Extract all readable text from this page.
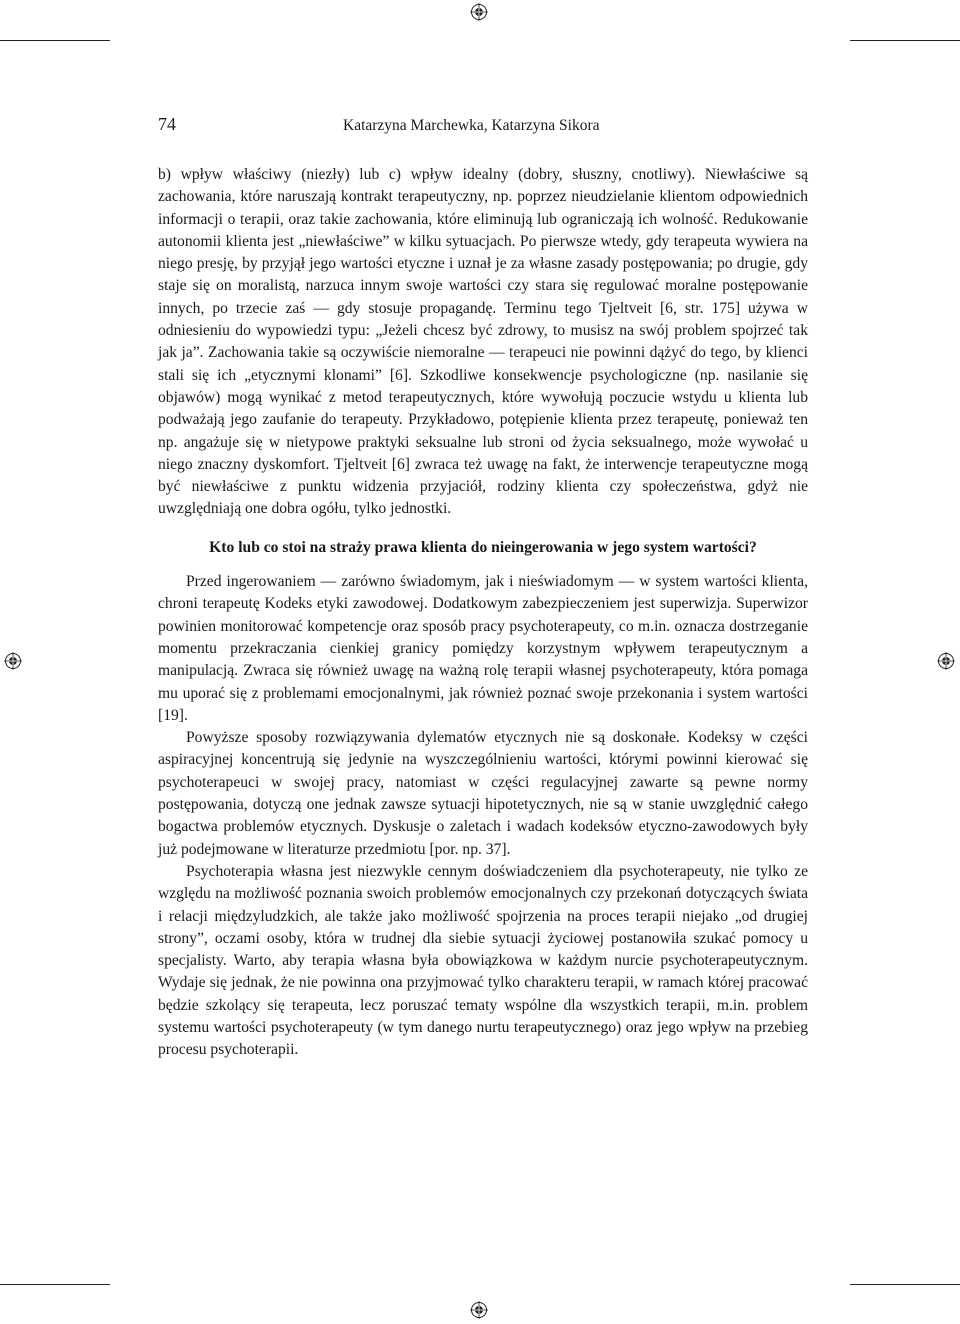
74	Katarzyna Marchewka, Katarzyna Sikora

b) wpływ właściwy (niezły) lub c) wpływ idealny (dobry, słuszny, cnotliwy). Niewłaściwe są zachowania, które naruszają kontrakt terapeutyczny, np. poprzez nieudzielanie klientom odpowiednich informacji o terapii, oraz takie zachowania, które eliminują lub ograniczają ich wolność. Redukowanie autonomii klienta jest „niewłaściwe” w kilku sytuacjach. Po pierwsze wtedy, gdy terapeuta wywiera na niego presję, by przyjął jego wartości etyczne i uznał je za własne zasady postępowania; po drugie, gdy staje się on moralistą, narzuca innym swoje wartości czy stara się regulować moralne postępowanie innych, po trzecie zaś — gdy stosuje propagandę. Terminu tego Tjeltveit [6, str. 175] używa w odniesieniu do wypowiedzi typu: „Jeżeli chcesz być zdrowy, to musisz na swój problem spojrzeć tak jak ja”. Zachowania takie są oczywiście niemoralne — terapeuci nie powinni dążyć do tego, by klienci stali się ich „etycznymi klonami” [6]. Szkodliwe konsekwencje psychologiczne (np. nasilanie się objawów) mogą wynikać z metod terapeutycznych, które wywołują poczucie wstydu u klienta lub podważają jego zaufanie do terapeuty. Przykładowo, potępienie klienta przez terapeutę, ponieważ ten np. angażuje się w nietypowe praktyki seksualne lub stroni od życia seksualnego, może wywołać u niego znaczny dyskomfort. Tjeltveit [6] zwraca też uwagę na fakt, że interwencje terapeutyczne mogą być niewłaściwe z punktu widzenia przyjaciół, rodziny klienta czy społeczeństwa, gdyż nie uwzględniają one dobra ogółu, tylko jednostki.

Kto lub co stoi na straży prawa klienta do nieingerowania w jego system wartości?

Przed ingerowaniem — zarówno świadomym, jak i nieświadomym — w system wartości klienta, chroni terapeutę Kodeks etyki zawodowej. Dodatkowym zabezpieczeniem jest superwizja. Superwizor powinien monitorować kompetencje oraz sposób pracy psychoterapeuty, co m.in. oznacza dostrzeganie momentu przekraczania cienkiej granicy pomiędzy korzystnym wpływem terapeutycznym a manipulacją. Zwraca się również uwagę na ważną rolę terapii własnej psychoterapeuty, która pomaga mu uporać się z problemami emocjonalnymi, jak również poznać swoje przekonania i system wartości [19].

Powyższe sposoby rozwiązywania dylematów etycznych nie są doskonałe. Kodeksy w części aspiracyjnej koncentrują się jedynie na wyszczególnieniu wartości, którymi powinni kierować się psychoterapeuci w swojej pracy, natomiast w części regulacyjnej zawarte są pewne normy postępowania, dotyczą one jednak zawsze sytuacji hipotetycznych, nie są w stanie uwzględnić całego bogactwa problemów etycznych. Dyskusje o zaletach i wadach kodeksów etyczno-zawodowych były już podejmowane w literaturze przedmiotu [por. np. 37].

Psychoterapia własna jest niezwykle cennym doświadczeniem dla psychoterapeuty, nie tylko ze względu na możliwość poznania swoich problemów emocjonalnych czy przekonań dotyczących świata i relacji międzyludzkich, ale także jako możliwość spojrzenia na proces terapii niejako „od drugiej strony”, oczami osoby, która w trudnej dla siebie sytuacji życiowej postanowiła szukać pomocy u specjalisty. Warto, aby terapia własna była obowiązkowa w każdym nurcie psychoterapeutycznym. Wydaje się jednak, że nie powinna ona przyjmować tylko charakteru terapii, w ramach której pracować będzie szkolący się terapeuta, lecz poruszać tematy wspólne dla wszystkich terapii, m.in. problem systemu wartości psychoterapeuty (w tym danego nurtu terapeutycznego) oraz jego wpływ na przebieg procesu psychoterapii.
